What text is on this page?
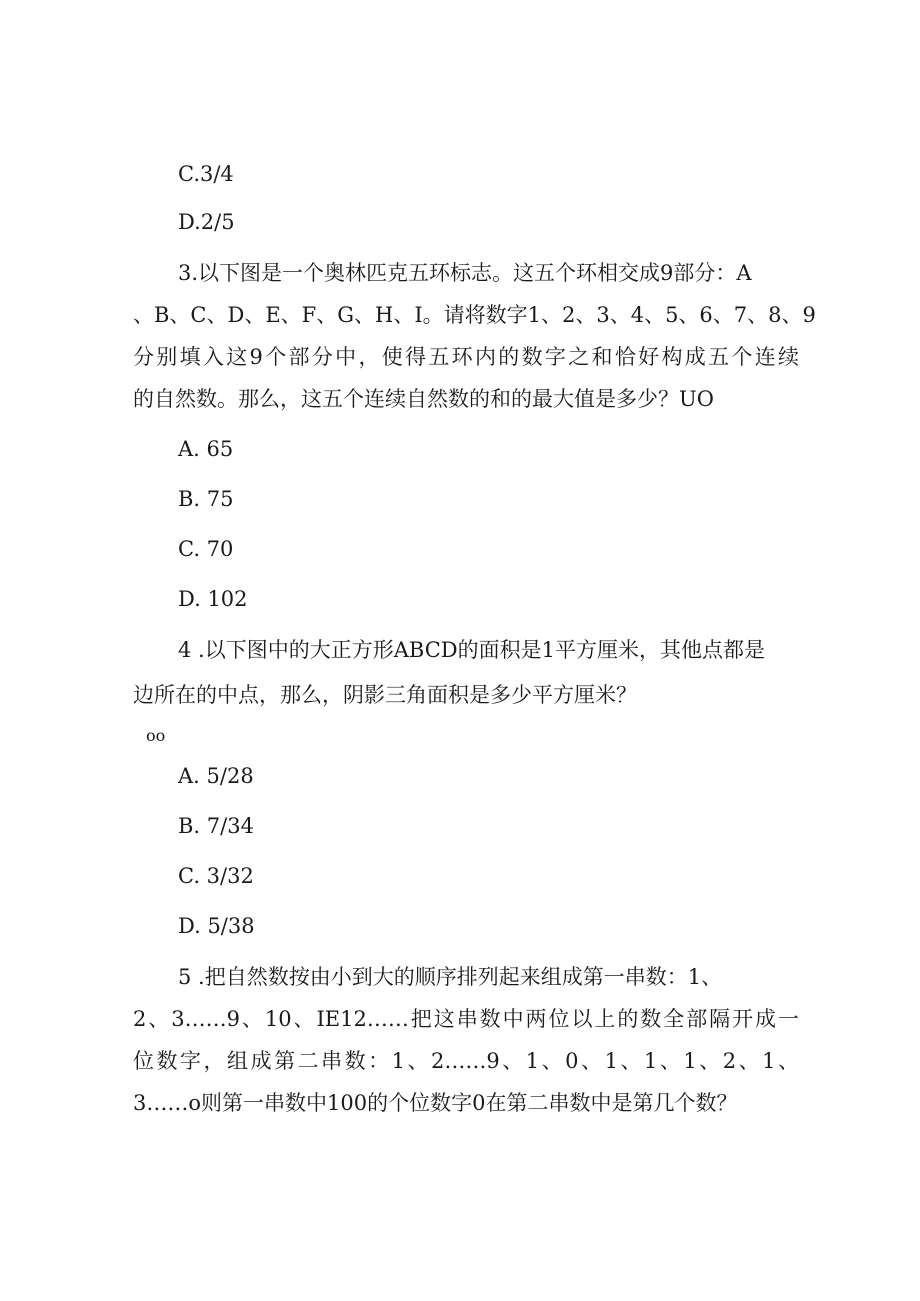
C.3/4
D.2/5
3.以下图是一个奥林匹克五环标志。这五个环相交成9部分：A
、B、C、D、E、F、G、H、I。请将数字1、2、3、4、5、6、7、8、9
分别填入这9个部分中，使得五环内的数字之和恰好构成五个连续
的自然数。那么，这五个连续自然数的和的最大值是多少？UO
A. 65
B. 75
C. 70
D. 102
4 .以下图中的大正方形ABCD的面积是1平方厘米，其他点都是
边所在的中点，那么，阴影三角面积是多少平方厘米？
oo
A. 5/28
B. 7/34
C. 3/32
D. 5/38
5 .把自然数按由小到大的顺序排列起来组成第一串数：1、
2、3……9、10、IE12……把这串数中两位以上的数全部隔开成一
位数字，组成第二串数：1、2……9、1、0、1、1、1、2、1、
3……o则第一串数中100的个位数字0在第二串数中是第几个数？
